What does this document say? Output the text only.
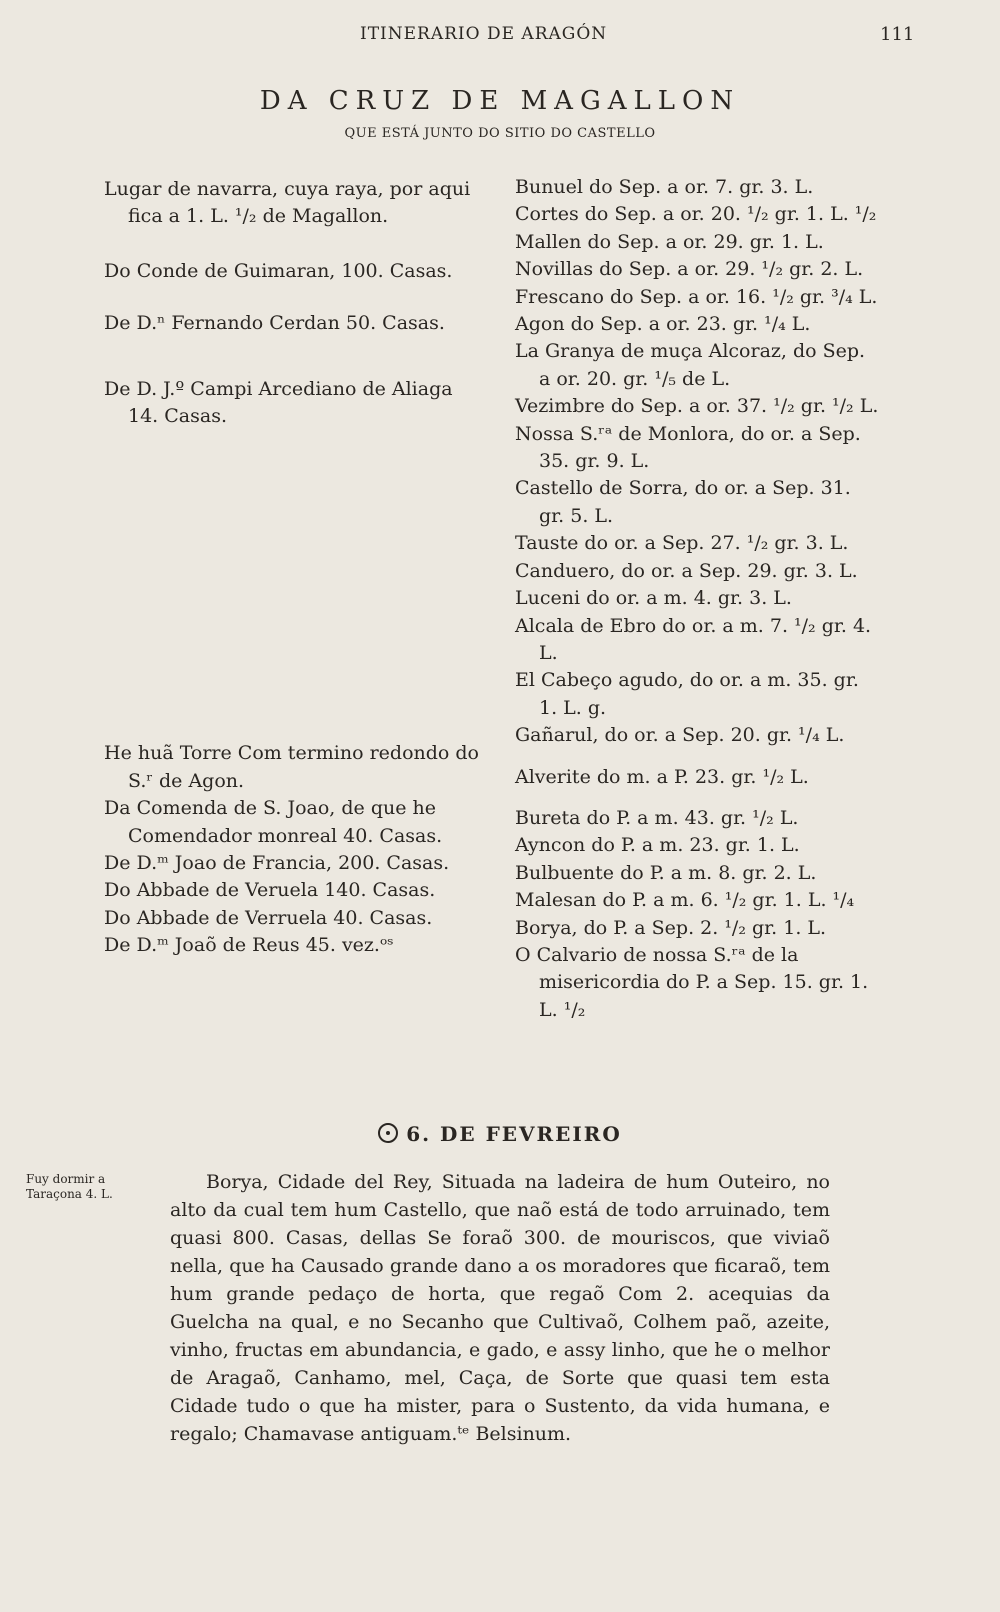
ITINERARIO DE ARAGÓN	111
DA CRUZ DE MAGALLON
QUE ESTÁ JUNTO DO SITIO DO CASTELLO
Lugar de navarra, cuya raya, por aqui fica a 1. L. ¹/₂ de Magallon.
Do Conde de Guimaran, 100. Casas.
De D.ⁿ Fernando Cerdan 50. Casas.
De D. J.º Campi Arcediano de Aliaga 14. Casas.
He huã Torre Com termino redondo do S.ʳ de Agon.
Da Comenda de S. Joao, de que he Comendador monreal 40. Casas.
De D.ᵐ Joao de Francia, 200. Casas.
Do Abbade de Veruela 140. Casas.
Do Abbade de Verruela 40. Casas.
De D.ᵐ Joaõ de Reus 45. vez.ᵒˢ
Bunuel do Sep. a or. 7. gr. 3. L.
Cortes do Sep. a or. 20. ¹/₂ gr. 1. L. ¹/₂
Mallen do Sep. a or. 29. gr. 1. L.
Novillas do Sep. a or. 29. ¹/₂ gr. 2. L.
Frescano do Sep. a or. 16. ¹/₂ gr. ³/₄ L.
Agon do Sep. a or. 23. gr. ¹/₄ L.
La Granya de muça Alcoraz, do Sep. a or. 20. gr. ¹/₅ de L.
Vezimbre do Sep. a or. 37. ¹/₂ gr. ¹/₂ L.
Nossa S.ʳᵃ de Monlora, do or. a Sep. 35. gr. 9. L.
Castello de Sorra, do or. a Sep. 31. gr. 5. L.
Tauste do or. a Sep. 27. ¹/₂ gr. 3. L.
Canduero, do or. a Sep. 29. gr. 3. L.
Luceni do or. a m. 4. gr. 3. L.
Alcala de Ebro do or. a m. 7. ¹/₂ gr. 4. L.
El Cabeço agudo, do or. a m. 35. gr. 1. L. g.
Gañarul, do or. a Sep. 20. gr. ¹/₄ L.
Alverite do m. a P. 23. gr. ¹/₂ L.
Bureta do P. a m. 43. gr. ¹/₂ L.
Ayncon do P. a m. 23. gr. 1. L.
Bulbuente do P. a m. 8. gr. 2. L.
Malesan do P. a m. 6. ¹/₂ gr. 1. L. ¹/₄
Borya, do P. a Sep. 2. ¹/₂ gr. 1. L.
O Calvario de nossa S.ʳᵃ de la misericordia do P. a Sep. 15. gr. 1. L. ¹/₂
6. DE FEVREIRO
Fuy dormir a Taraçona 4. L.
Borya, Cidade del Rey, Situada na ladeira de hum Outeiro, no alto da cual tem hum Castello, que naõ está de todo arruinado, tem quasi 800. Casas, dellas Se foraõ 300. de mouriscos, que viviaõ nella, que ha Causado grande dano a os moradores que ficaraõ, tem hum grande pedaço de horta, que regaõ Com 2. acequias da Guelcha na qual, e no Secanho que Cultivaõ, Colhem paõ, azeite, vinho, fructas em abundancia, e gado, e assy linho, que he o melhor de Aragaõ, Canhamo, mel, Caça, de Sorte que quasi tem esta Cidade tudo o que ha mister, para o Sustento, da vida humana, e regalo; Chamavase antiguam.ᵗᵉ Belsinum.
